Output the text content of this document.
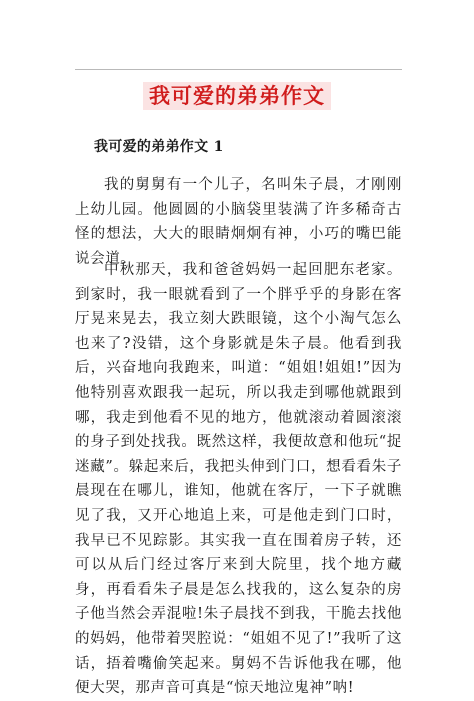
我可爱的弟弟作文
我可爱的弟弟作文 1

我的舅舅有一个儿子，名叫朱子晨，才刚刚上幼儿园。他圆圆的小脑袋里装满了许多稀奇古怪的想法，大大的眼睛炯炯有神，小巧的嘴巴能说会道。

中秋那天，我和爸爸妈妈一起回肥东老家。到家时，我一眼就看到了一个胖乎乎的身影在客厅晃来晃去，我立刻大跌眼镜，这个小淘气怎么也来了?没错，这个身影就是朱子晨。他看到我后，兴奋地向我跑来，叫道：“姐姐!姐姐!”因为他特别喜欢跟我一起玩，所以我走到哪他就跟到哪，我走到他看不见的地方，他就滚动着圆滚滚的身子到处找我。既然这样，我便故意和他玩“捉迷藏”。躲起来后，我把头伸到门口，想看看朱子晨现在在哪儿，谁知，他就在客厅，一下子就瞧见了我，又开心地追上来，可是他走到门口时，我早已不见踪影。其实我一直在围着房子转，还可以从后门经过客厅来到大院里，找个地方藏身，再看看朱子晨是怎么找我的，这么复杂的房子他当然会弄混啦!朱子晨找不到我，干脆去找他的妈妈，他带着哭腔说：“姐姐不见了!”我听了这话，捂着嘴偷笑起来。舅妈不告诉他我在哪，他便大哭，那声音可真是“惊天地泣鬼神”呐!
